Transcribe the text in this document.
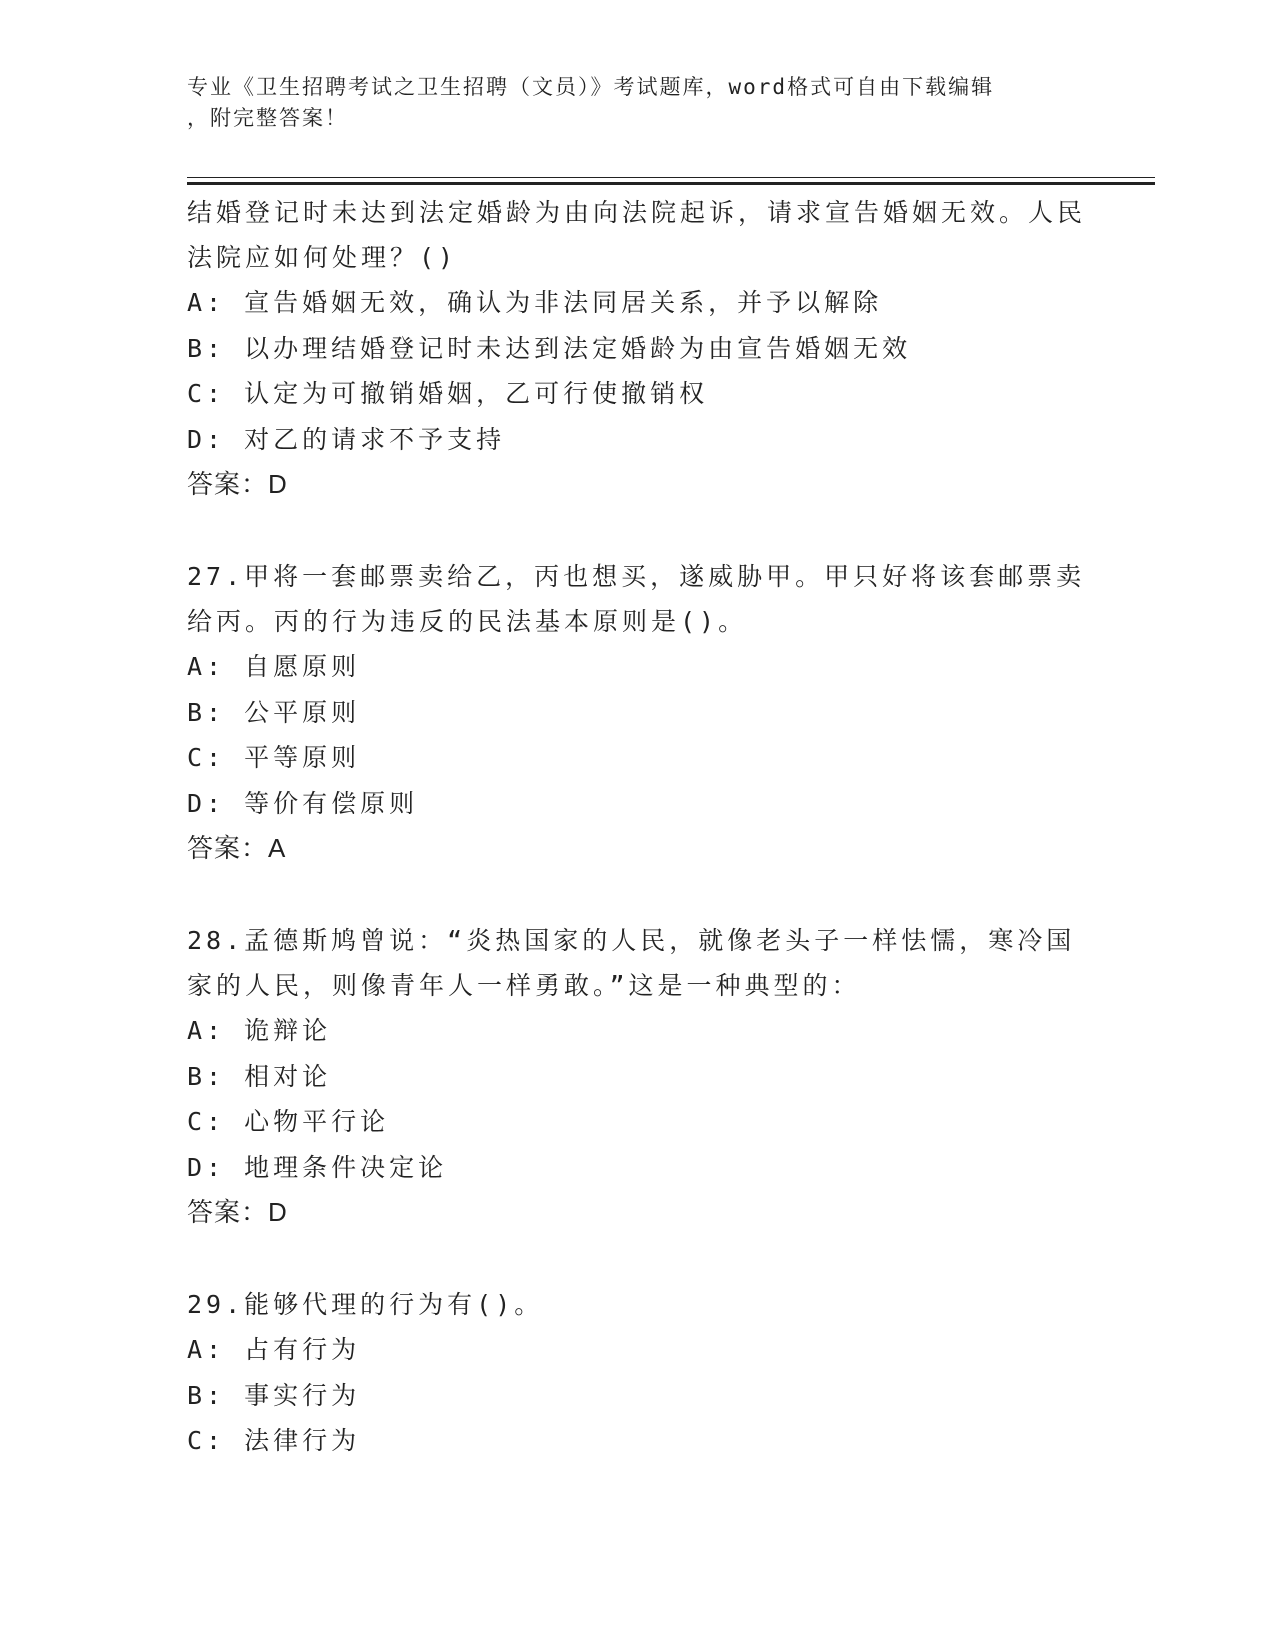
专业《卫生招聘考试之卫生招聘（文员）》考试题库，word格式可自由下载编辑
，附完整答案！

结婚登记时未达到法定婚龄为由向法院起诉，请求宣告婚姻无效。人民法院应如何处理？()

A: 宣告婚姻无效，确认为非法同居关系，并予以解除

B: 以办理结婚登记时未达到法定婚龄为由宣告婚姻无效

C: 认定为可撤销婚姻，乙可行使撤销权

D: 对乙的请求不予支持

答案：D

27.甲将一套邮票卖给乙，丙也想买，遂威胁甲。甲只好将该套邮票卖给丙。丙的行为违反的民法基本原则是()。

A: 自愿原则

B: 公平原则

C: 平等原则

D: 等价有偿原则

答案：A

28.孟德斯鸠曾说：“炎热国家的人民，就像老头子一样怯懦，寒冷国家的人民，则像青年人一样勇敢。”这是一种典型的：

A: 诡辩论

B: 相对论

C: 心物平行论

D: 地理条件决定论

答案：D

29.能够代理的行为有()。

A: 占有行为

B: 事实行为

C: 法律行为
